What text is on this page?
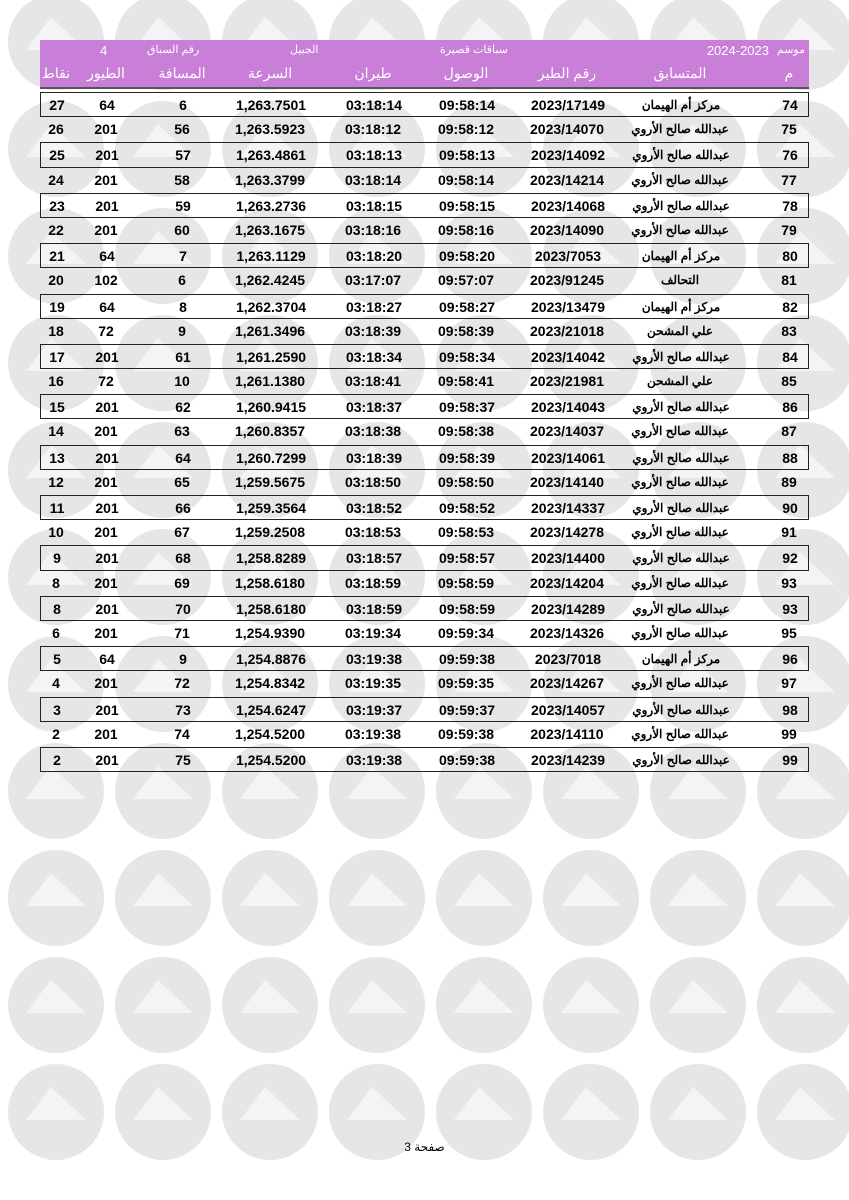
موسم
2024-2023
سباقات قصيرة
الجبيل
رقم السباق
4
م
المتسابق
رقم الطير
الوصول
طيران
السرعة
المسافة
الطيور
نقاط
74
مركز أم الهيمان
2023/17149
09:58:14
03:18:14
1,263.7501
6
64
27
75
عبدالله صالح الأروي
2023/14070
09:58:12
03:18:12
1,263.5923
56
201
26
76
عبدالله صالح الأروي
2023/14092
09:58:13
03:18:13
1,263.4861
57
201
25
77
عبدالله صالح الأروي
2023/14214
09:58:14
03:18:14
1,263.3799
58
201
24
78
عبدالله صالح الأروي
2023/14068
09:58:15
03:18:15
1,263.2736
59
201
23
79
عبدالله صالح الأروي
2023/14090
09:58:16
03:18:16
1,263.1675
60
201
22
80
مركز أم الهيمان
2023/7053
09:58:20
03:18:20
1,263.1129
7
64
21
81
التحالف
2023/91245
09:57:07
03:17:07
1,262.4245
6
102
20
82
مركز أم الهيمان
2023/13479
09:58:27
03:18:27
1,262.3704
8
64
19
83
علي المشحن
2023/21018
09:58:39
03:18:39
1,261.3496
9
72
18
84
عبدالله صالح الأروي
2023/14042
09:58:34
03:18:34
1,261.2590
61
201
17
85
علي المشحن
2023/21981
09:58:41
03:18:41
1,261.1380
10
72
16
86
عبدالله صالح الأروي
2023/14043
09:58:37
03:18:37
1,260.9415
62
201
15
87
عبدالله صالح الأروي
2023/14037
09:58:38
03:18:38
1,260.8357
63
201
14
88
عبدالله صالح الأروي
2023/14061
09:58:39
03:18:39
1,260.7299
64
201
13
89
عبدالله صالح الأروي
2023/14140
09:58:50
03:18:50
1,259.5675
65
201
12
90
عبدالله صالح الأروي
2023/14337
09:58:52
03:18:52
1,259.3564
66
201
11
91
عبدالله صالح الأروي
2023/14278
09:58:53
03:18:53
1,259.2508
67
201
10
92
عبدالله صالح الأروي
2023/14400
09:58:57
03:18:57
1,258.8289
68
201
9
93
عبدالله صالح الأروي
2023/14204
09:58:59
03:18:59
1,258.6180
69
201
8
93
عبدالله صالح الأروي
2023/14289
09:58:59
03:18:59
1,258.6180
70
201
8
95
عبدالله صالح الأروي
2023/14326
09:59:34
03:19:34
1,254.9390
71
201
6
96
مركز أم الهيمان
2023/7018
09:59:38
03:19:38
1,254.8876
9
64
5
97
عبدالله صالح الأروي
2023/14267
09:59:35
03:19:35
1,254.8342
72
201
4
98
عبدالله صالح الأروي
2023/14057
09:59:37
03:19:37
1,254.6247
73
201
3
99
عبدالله صالح الأروي
2023/14110
09:59:38
03:19:38
1,254.5200
74
201
2
99
عبدالله صالح الأروي
2023/14239
09:59:38
03:19:38
1,254.5200
75
201
2
صفحة 3
